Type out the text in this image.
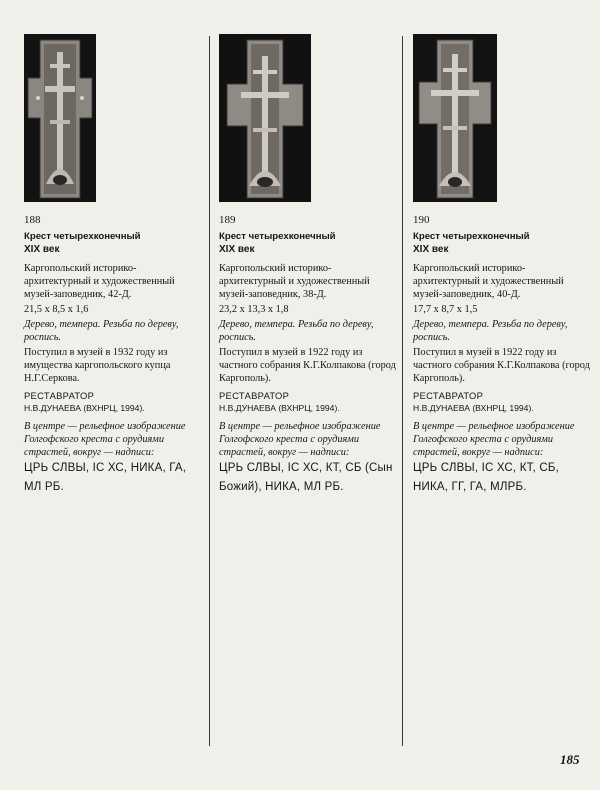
188
Крест четырехконечный
XIX век
Каргопольский историко-архитектурный и художественный музей-заповедник, 42-Д.
21,5 x 8,5 x 1,6
Дерево, темпера. Резьба по дереву, роспись.
Поступил в музей в 1932 году из имущества каргопольского купца Н.Г.Серкова.
РЕСТАВРАТОР
Н.В.ДУНАЕВА (ВХНРЦ, 1994).
В центре — рельефное изображение Голгофского креста с орудиями страстей, вокруг — надписи:
ЦРЬ СЛВЫ, ІС ХС, НИКА, ГА, МЛ РБ.
189
Крест четырехконечный
XIX век
Каргопольский историко-архитектурный и художественный музей-заповедник, 38-Д.
23,2 x 13,3 x 1,8
Дерево, темпера. Резьба по дереву, роспись.
Поступил в музей в 1922 году из частного собрания К.Г.Колпакова (город Каргополь).
РЕСТАВРАТОР
Н.В.ДУНАЕВА (ВХНРЦ, 1994).
В центре — рельефное изображение Голгофского креста с орудиями страстей, вокруг — надписи:
ЦРЬ СЛВЫ, ІС ХС, КТ, СБ (Сын Божий), НИКА, МЛ РБ.
190
Крест четырехконечный
XIX век
Каргопольский историко-архитектурный и художественный музей-заповедник, 40-Д.
17,7 x 8,7 x 1,5
Дерево, темпера. Резьба по дереву, роспись.
Поступил в музей в 1922 году из частного собрания К.Г.Колпакова (город Каргополь).
РЕСТАВРАТОР
Н.В.ДУНАЕВА (ВХНРЦ, 1994).
В центре — рельефное изображение Голгофского креста с орудиями страстей, вокруг — надписи:
ЦРЬ СЛВЫ, ІС ХС, КТ, СБ, НИКА, ГГ, ГА, МЛРБ.
185
